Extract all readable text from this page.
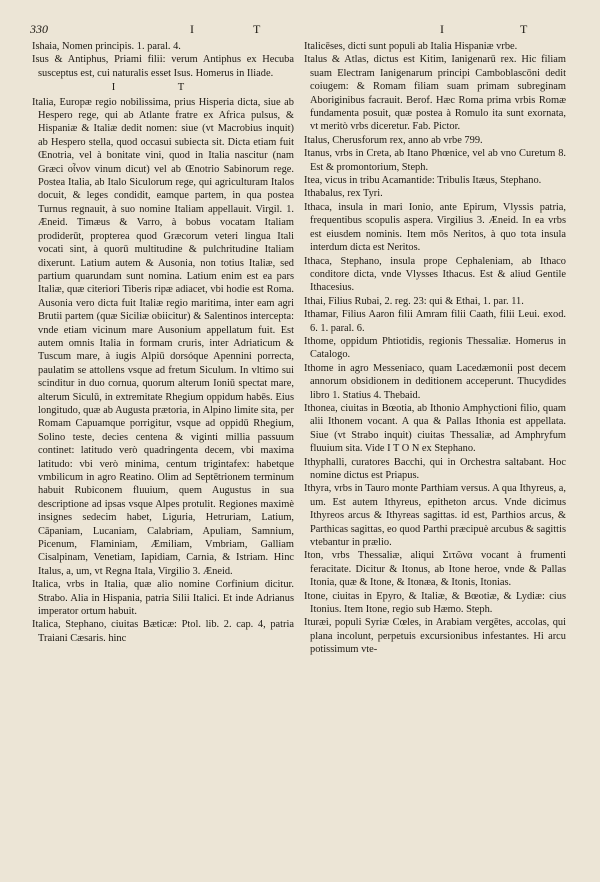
330	I	T	I	T

Ishaia, Nomen principis. 1. paral. 4.

Isus & Antiphus, Priami filii: verum Antiphus ex Hecuba susceptus est, cui naturalis esset Isus. Homerus in Iliade.

I T

Italia, Europæ regio nobilissima, prius Hisperia dicta, siue ab Hespero rege, qui ab Atlante fratre ex Africa pulsus, & Hispaniæ & Italiæ dedit nomen: siue (vt Macrobius inquit) ab Hespero stella, quod occasui subiecta sit. Dicta etiam fuit Œnotria, vel à bonitate vini, quod in Italia nascitur (nam Græci οἶνον vinum dicut) vel ab Œnotrio Sabinorum rege. Postea Italia, ab Italo Siculorum rege, qui agriculturam Italos docuit, & leges condidit, eamque partem, in qua postea Turnus regnauit, à suo nomine Italiam appellauit. Virgil. 1. Æneid. Timæus & Varro, à bobus vocatam Italiam prodiderūt, propterea quod Græcorum veteri lingua Itali vocati sint, à quorū multitudine & pulchritudine Italiam dixerunt. Latium autem & Ausonia, non totius Italiæ, sed partium quarundam sunt nomina. Latium enim est ea pars Italiæ, quæ citeriori Tiberis ripæ adiacet, vbi hodie est Roma. Ausonia vero dicta fuit Italiæ regio maritima, inter eam agri Brutii partem (quæ Siciliæ obiicitur) & Salentinos intercepta: vnde etiam vicinum mare Ausonium appellatum fuit. Est autem omnis Italia in formam cruris, inter Adriaticum & Tuscum mare, à iugis Alpiū dorsóque Apennini porrecta, paulatim se attollens vsque ad fretum Siculum. In vltimo sui scinditur in duo cornua, quorum alterum Ioniū spectat mare, alterum Siculū, in extremitate Rhegium oppidum habēs. Eius longitudo, quæ ab Augusta prætoria, in Alpino limite sita, per Romam Capuamque porrigitur, vsque ad oppidū Rhegium, Solino teste, decies centena & viginti millia passuum continet: latitudo verò quadringenta decem, vbi maxima latitudo: vbi verò minima, centum trigintafex: habetque vmbilicum in agro Reatino. Olim ad Septētrionem terminum habuit Rubiconem fluuium, quem Augustus in sua descriptione ad ipsas vsque Alpes protulit. Regiones maximè insignes sedecim habet, Liguria, Hetruriam, Latium, Cāpaniam, Lucaniam, Calabriam, Apuliam, Samnium, Picenum, Flaminiam, Æmiliam, Vmbriam, Galliam Cisalpinam, Venetiam, Iapidiam, Carnia, & Istriam. Hinc Italus, a, um, vt Regna Itala, Virgilio 3. Æneid.

Italica, vrbs in Italia, quæ alio nomine Corfinium dicitur. Strabo. Alia in Hispania, patria Silii Italici. Et inde Adrianus imperator ortum habuit.

Italica, Stephano, ciuitas Bæticæ: Ptol. lib. 2. cap. 4, patria Traiani Cæsaris. hinc

Italicēses, dicti sunt populi ab Italia Hispaniæ vrbe.

Italus & Atlas, dictus est Kitim, Ianigenarū rex. Hic filiam suam Electram Ianigenarum principi Camboblascōni dedit coiugem: & Romam filiam suam primam subreginam Aboriginibus facrauit. Berof. Hæc Roma prima vrbis Romæ fundamenta posuit, quæ postea à Romulo ita sunt exornata, vt meritò vrbs diceretur. Fab. Pictor.

Italus, Cherusforum rex, anno ab vrbe 799.

Itanus, vrbs in Creta, ab Itano Phœnice, vel ab vno Curetum 8. Est & promontorium, Steph.

Itea, vicus in tribu Acamantide: Tribulis Itæus, Stephano.

Ithabalus, rex Tyri.

Ithaca, insula in mari Ionio, ante Epirum, Vlyssis patria, frequentibus scopulis aspera. Virgilius 3. Æneid. In ea vrbs est eiusdem nominis. Item mōs Neritos, à quo tota insula interdum dicta est Neritos.

Ithaca, Stephano, insula prope Cephaleniam, ab Ithaco conditore dicta, vnde Vlysses Ithacus. Est & aliud Gentile Ithacesius.

Ithai, Filius Rubai, 2. reg. 23: qui & Ethai, 1. par. 11.

Ithamar, Filius Aaron filii Amram filii Caath, filii Leui. exod. 6. 1. paral. 6.

Ithome, oppidum Phtiotidis, regionis Thessaliæ. Homerus in Catalogo.

Ithome in agro Messeniaco, quam Lacedæmonii post decem annorum obsidionem in deditionem acceperunt. Thucydides libro 1. Statius 4. Thebaid.

Ithonea, ciuitas in Bœotia, ab Ithonio Amphyctioni filio, quam alii Ithonem vocant. A qua & Pallas Ithonia est appellata. Siue (vt Strabo inquit) ciuitas Thessaliæ, ad Amphryfum fluuium sita. Vide I T O N ex Stephano.

Ithyphalli, curatores Bacchi, qui in Orchestra saltabant. Hoc nomine dictus est Priapus.

Ithyra, vrbs in Tauro monte Parthiam versus. A qua Ithyreus, a, um. Est autem Ithyreus, epitheton arcus. Vnde dicimus Ithyreos arcus & Ithyreas sagittas. id est, Parthios arcus, & Parthicas sagittas, eo quod Parthi præcipuè arcubus & sagittis vtebantur in prælio.

Iton, vrbs Thessaliæ, aliqui Σιτῶνα vocant à frumenti feracitate. Dicitur & Itonus, ab Itone heroe, vnde & Pallas Itonia, quæ & Itone, & Itonæa, & Itonis, Itonias.

Itone, ciuitas in Epyro, & Italiæ, & Bœotiæ, & Lydiæ: cius Itonius. Item Itone, regio sub Hæmo. Steph.

Ituræi, populi Syriæ Cœles, in Arabiam vergētes, accolas, qui plana incolunt, perpetuis excursionibus infestantes. Hi arcu potissimum vte-
